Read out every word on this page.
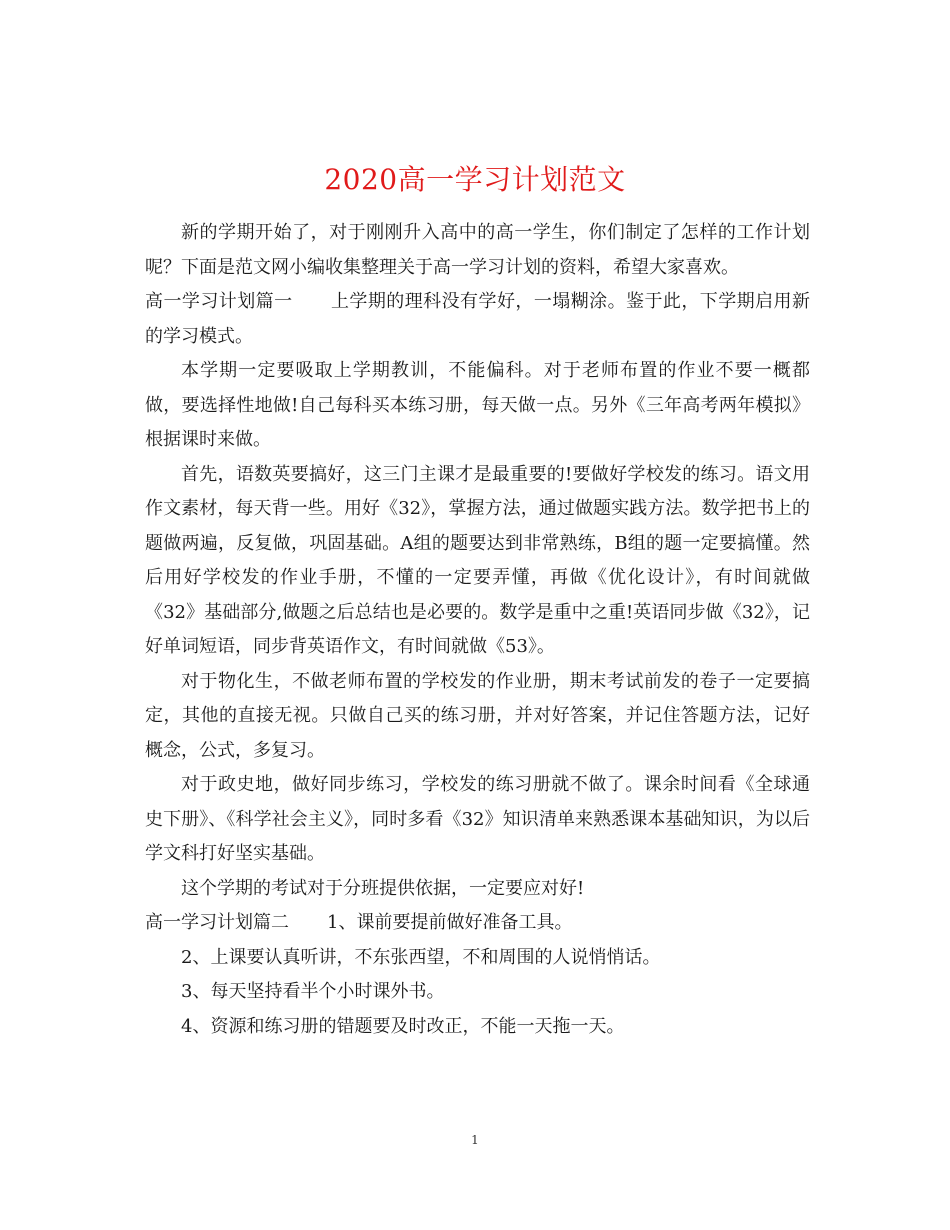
2020高一学习计划范文

新的学期开始了，对于刚刚升入高中的高一学生，你们制定了怎样的工作计划呢？下面是范文网小编收集整理关于高一学习计划的资料，希望大家喜欢。

高一学习计划篇一 上学期的理科没有学好，一塌糊涂。鉴于此，下学期启用新的学习模式。

本学期一定要吸取上学期教训，不能偏科。对于老师布置的作业不要一概都做，要选择性地做!自己每科买本练习册，每天做一点。另外《三年高考两年模拟》根据课时来做。

首先，语数英要搞好，这三门主课才是最重要的!要做好学校发的练习。语文用作文素材，每天背一些。用好《32》，掌握方法，通过做题实践方法。数学把书上的题做两遍，反复做，巩固基础。A组的题要达到非常熟练，B组的题一定要搞懂。然后用好学校发的作业手册，不懂的一定要弄懂，再做《优化设计》，有时间就做《32》基础部分,做题之后总结也是必要的。数学是重中之重!英语同步做《32》，记好单词短语，同步背英语作文，有时间就做《53》。

对于物化生，不做老师布置的学校发的作业册，期末考试前发的卷子一定要搞定，其他的直接无视。只做自己买的练习册，并对好答案，并记住答题方法，记好概念，公式，多复习。

对于政史地，做好同步练习，学校发的练习册就不做了。课余时间看《全球通史下册》、《科学社会主义》，同时多看《32》知识清单来熟悉课本基础知识，为以后学文科打好坚实基础。

这个学期的考试对于分班提供依据，一定要应对好!

高一学习计划篇二 1、课前要提前做好准备工具。

2、上课要认真听讲，不东张西望，不和周围的人说悄悄话。

3、每天坚持看半个小时课外书。

4、资源和练习册的错题要及时改正，不能一天拖一天。

1
